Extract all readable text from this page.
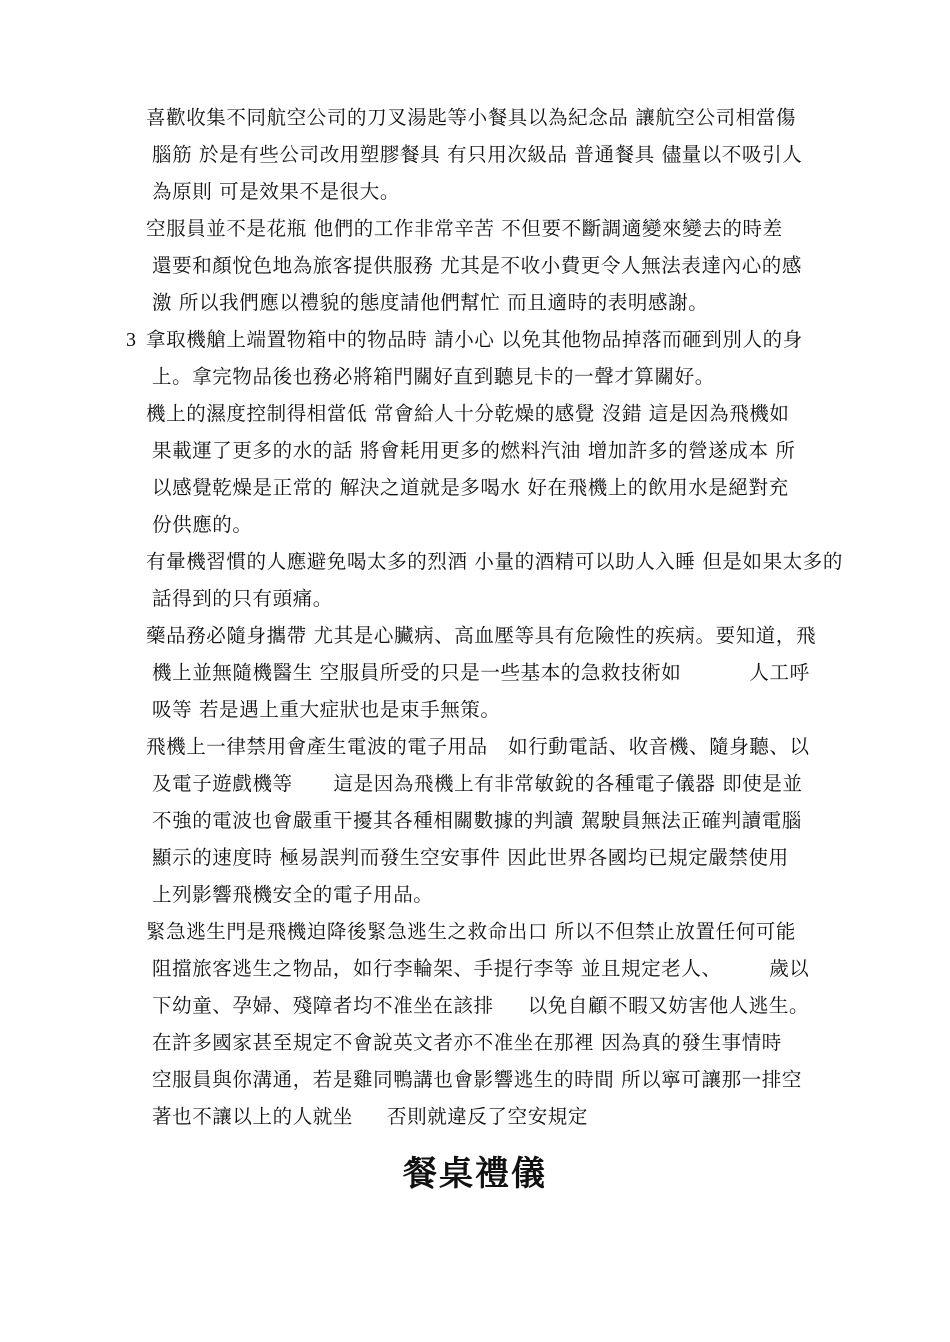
喜歡收集不同航空公司的刀叉湯匙等小餐具以為紀念品 讓航空公司相當傷
腦筋 於是有些公司改用塑膠餐具 有只用次級品 普通餐具 儘量以不吸引人
為原則 可是效果不是很大。
空服員並不是花瓶 他們的工作非常辛苦 不但要不斷調適變來變去的時差
還要和顏悅色地為旅客提供服務 尤其是不收小費更令人無法表達內心的感
激 所以我們應以禮貌的態度請他們幫忙 而且適時的表明感謝。
3 拿取機艙上端置物箱中的物品時 請小心 以免其他物品掉落而砸到別人的身
上。拿完物品後也務必將箱門關好直到聽見卡的一聲才算關好。
機上的濕度控制得相當低 常會給人十分乾燥的感覺 沒錯 這是因為飛機如
果載運了更多的水的話 將會耗用更多的燃料汽油 增加許多的營遂成本 所
以感覺乾燥是正常的 解決之道就是多喝水 好在飛機上的飲用水是絕對充
份供應的。
有暈機習慣的人應避免喝太多的烈酒 小量的酒精可以助人入睡 但是如果太多的
話得到的只有頭痛。
藥品務必隨身攜帶 尤其是心臟病、高血壓等具有危險性的疾病。要知道，飛
機上並無隨機醫生 空服員所受的只是一些基本的急救技術如          人工呼
吸等 若是遇上重大症狀也是束手無策。
飛機上一律禁用會產生電波的電子用品   如行動電話、收音機、隨身聽、以
及電子遊戲機等      這是因為飛機上有非常敏銳的各種電子儀器 即使是並
不強的電波也會嚴重干擾其各種相關數據的判讀 駕駛員無法正確判讀電腦
顯示的速度時 極易誤判而發生空安事件 因此世界各國均已規定嚴禁使用
上列影響飛機安全的電子用品。
緊急逃生門是飛機迫降後緊急逃生之救命出口 所以不但禁止放置任何可能
阻擋旅客逃生之物品，如行李輪架、手提行李等 並且規定老人、       歲以
下幼童、孕婦、殘障者均不准坐在該排     以免自顧不暇又妨害他人逃生。
在許多國家甚至規定不會說英文者亦不准坐在那裡 因為真的發生事情時
空服員與你溝通，若是雞同鴨講也會影響逃生的時間 所以寧可讓那一排空
著也不讓以上的人就坐     否則就違反了空安規定
餐桌禮儀
